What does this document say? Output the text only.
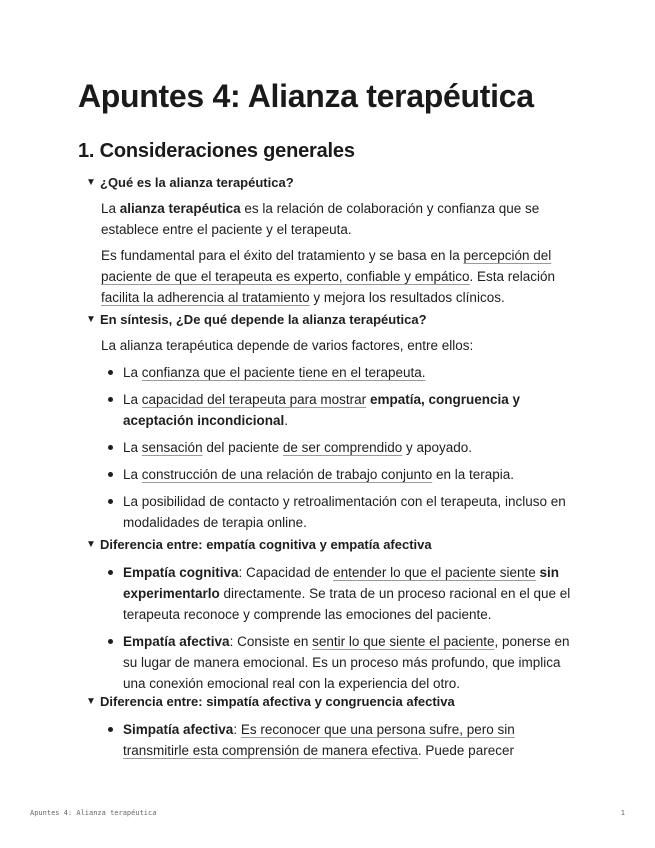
Apuntes 4: Alianza terapéutica
1. Consideraciones generales
▼ ¿Qué es la alianza terapéutica?

La alianza terapéutica es la relación de colaboración y confianza que se establece entre el paciente y el terapeuta.

Es fundamental para el éxito del tratamiento y se basa en la percepción del paciente de que el terapeuta es experto, confiable y empático. Esta relación facilita la adherencia al tratamiento y mejora los resultados clínicos.

▼ En síntesis, ¿De qué depende la alianza terapéutica?

La alianza terapéutica depende de varios factores, entre ellos:

La confianza que el paciente tiene en el terapeuta.
La capacidad del terapeuta para mostrar empatía, congruencia y aceptación incondicional.
La sensación del paciente de ser comprendido y apoyado.
La construcción de una relación de trabajo conjunto en la terapia.
La posibilidad de contacto y retroalimentación con el terapeuta, incluso en modalidades de terapia online.
▼ Diferencia entre: empatía cognitiva y empatía afectiva
Empatía cognitiva: Capacidad de entender lo que el paciente siente sin experimentarlo directamente. Se trata de un proceso racional en el que el terapeuta reconoce y comprende las emociones del paciente.
Empatía afectiva: Consiste en sentir lo que siente el paciente, ponerse en su lugar de manera emocional. Es un proceso más profundo, que implica una conexión emocional real con la experiencia del otro.
▼ Diferencia entre: simpatía afectiva y congruencia afectiva
Simpatía afectiva: Es reconocer que una persona sufre, pero sin transmitirle esta comprensión de manera efectiva. Puede parecer
Apuntes 4: Alianza terapéutica	1
